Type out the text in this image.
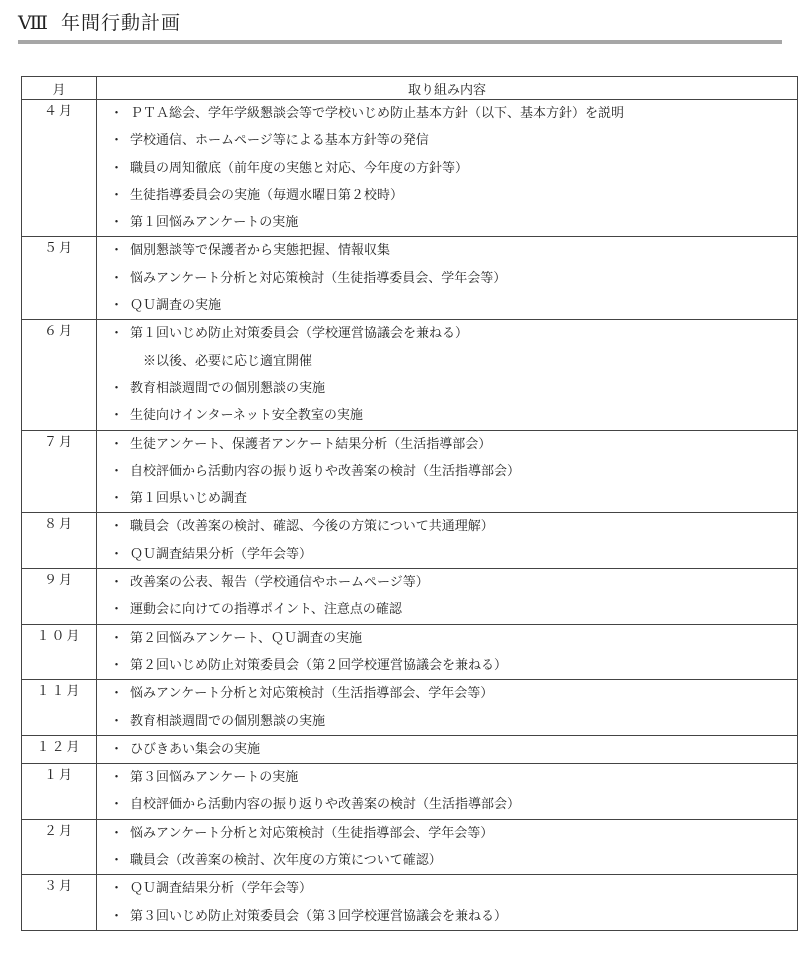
Ⅷ 年間行動計画
月	取り組み内容
４月	・ ＰＴＡ総会、学年学級懇談会等で学校いじめ防止基本方針（以下、基本方針）を説明
・ 学校通信、ホームページ等による基本方針等の発信
・ 職員の周知徹底（前年度の実態と対応、今年度の方針等）
・ 生徒指導委員会の実施（毎週水曜日第２校時）
・ 第１回悩みアンケートの実施

５月	・ 個別懇談等で保護者から実態把握、情報収集
・ 悩みアンケート分析と対応策検討（生徒指導委員会、学年会等）
・ ＱＵ調査の実施

６月	・ 第１回いじめ防止対策委員会（学校運営協議会を兼ねる）
※以後、必要に応じ適宜開催
・ 教育相談週間での個別懇談の実施
・ 生徒向けインターネット安全教室の実施

７月	・ 生徒アンケート、保護者アンケート結果分析（生活指導部会）
・ 自校評価から活動内容の振り返りや改善案の検討（生活指導部会）
・ 第１回県いじめ調査

８月	・ 職員会（改善案の検討、確認、今後の方策について共通理解）
・ ＱＵ調査結果分析（学年会等）

９月	・ 改善案の公表、報告（学校通信やホームページ等）
・ 運動会に向けての指導ポイント、注意点の確認

１０月	・ 第２回悩みアンケート、ＱＵ調査の実施
・ 第２回いじめ防止対策委員会（第２回学校運営協議会を兼ねる）

１１月	・ 悩みアンケート分析と対応策検討（生活指導部会、学年会等）
・ 教育相談週間での個別懇談の実施

１２月	・ ひびきあい集会の実施

１月	・ 第３回悩みアンケートの実施
・ 自校評価から活動内容の振り返りや改善案の検討（生活指導部会）

２月	・ 悩みアンケート分析と対応策検討（生徒指導部会、学年会等）
・ 職員会（改善案の検討、次年度の方策について確認）

３月	・ ＱＵ調査結果分析（学年会等）
・ 第３回いじめ防止対策委員会（第３回学校運営協議会を兼ねる）
